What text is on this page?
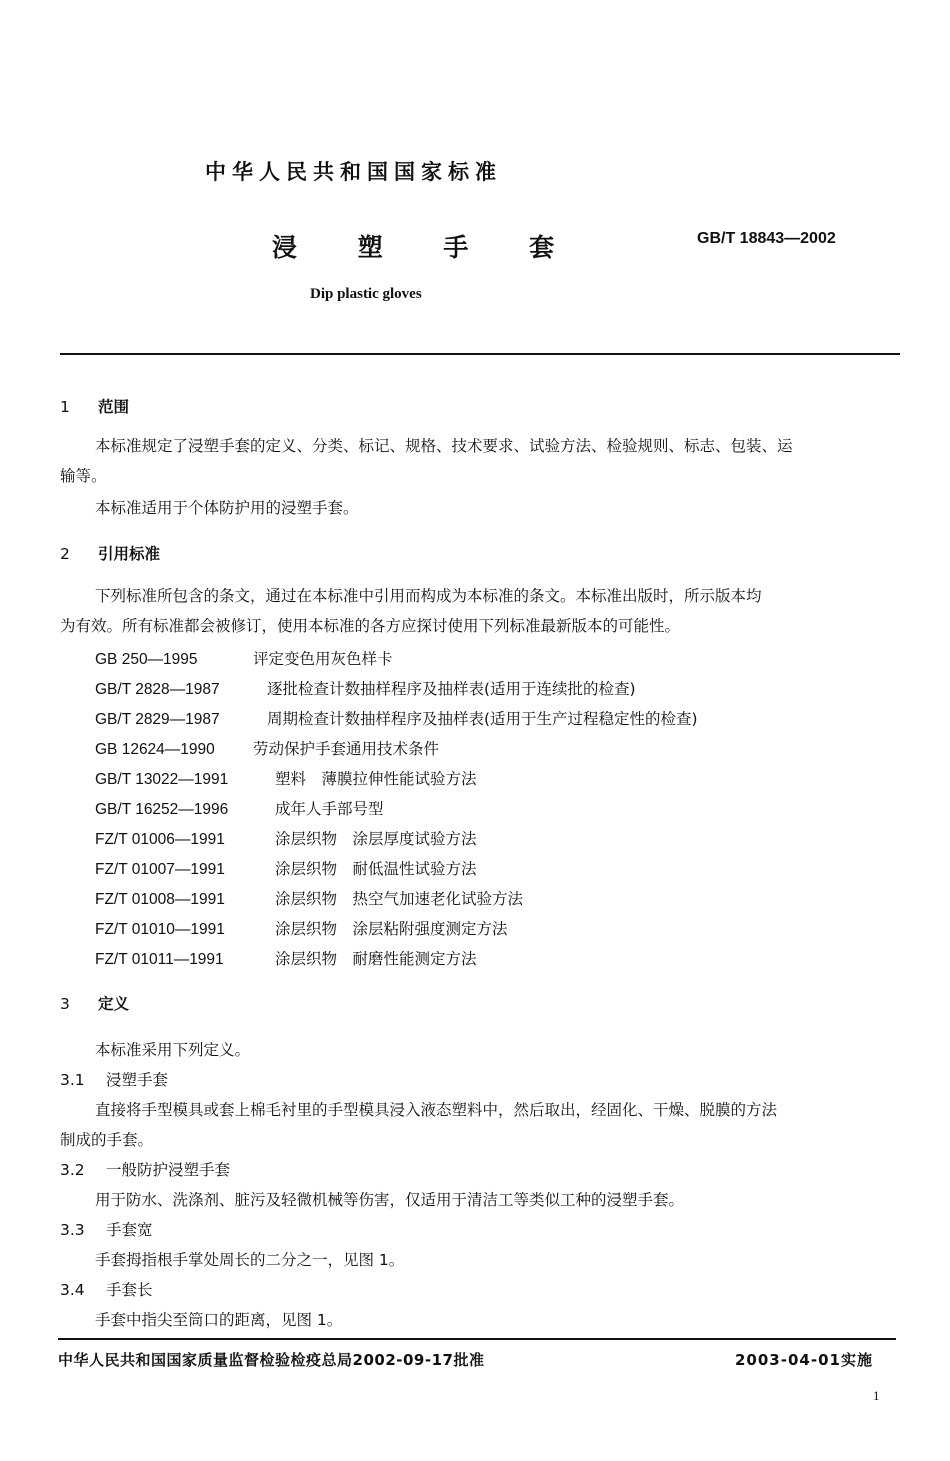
中华人民共和国国家标准
浸 塑 手 套	GB/T 18843—2002
Dip plastic gloves
1 范围
本标准规定了浸塑手套的定义、分类、标记、规格、技术要求、试验方法、检验规则、标志、包装、运
输等。
本标准适用于个体防护用的浸塑手套。
2 引用标准
下列标准所包含的条文，通过在本标准中引用而构成为本标准的条文。本标准出版时，所示版本均
为有效。所有标准都会被修订，使用本标准的各方应探讨使用下列标准最新版本的可能性。
GB 250—1995	评定变色用灰色样卡
GB/T 2828—1987	逐批检查计数抽样程序及抽样表(适用于连续批的检查)
GB/T 2829—1987	周期检查计数抽样程序及抽样表(适用于生产过程稳定性的检查)
GB 12624—1990 劳动保护手套通用技术条件
GB/T 13022—1991	塑料　薄膜拉伸性能试验方法
GB/T 16252—1996	成年人手部号型
FZ/T 01006—1991	涂层织物　涂层厚度试验方法
FZ/T 01007—1991	涂层织物　耐低温性试验方法
FZ/T 01008—1991	涂层织物　热空气加速老化试验方法
FZ/T 01010—1991	涂层织物　涂层粘附强度测定方法
FZ/T 01011—1991	涂层织物　耐磨性能测定方法
3 定义
本标准采用下列定义。
3.1 浸塑手套
直接将手型模具或套上棉毛衬里的手型模具浸入液态塑料中，然后取出，经固化、干燥、脱膜的方法
制成的手套。
3.2 一般防护浸塑手套
用于防水、洗涤剂、脏污及轻微机械等伤害，仅适用于清洁工等类似工种的浸塑手套。
3.3 手套宽
手套拇指根手掌处周长的二分之一，见图 1。
3.4 手套长
手套中指尖至筒口的距离，见图 1。
中华人民共和国国家质量监督检验检疫总局2002-09-17批准	2003-04-01实施
1
